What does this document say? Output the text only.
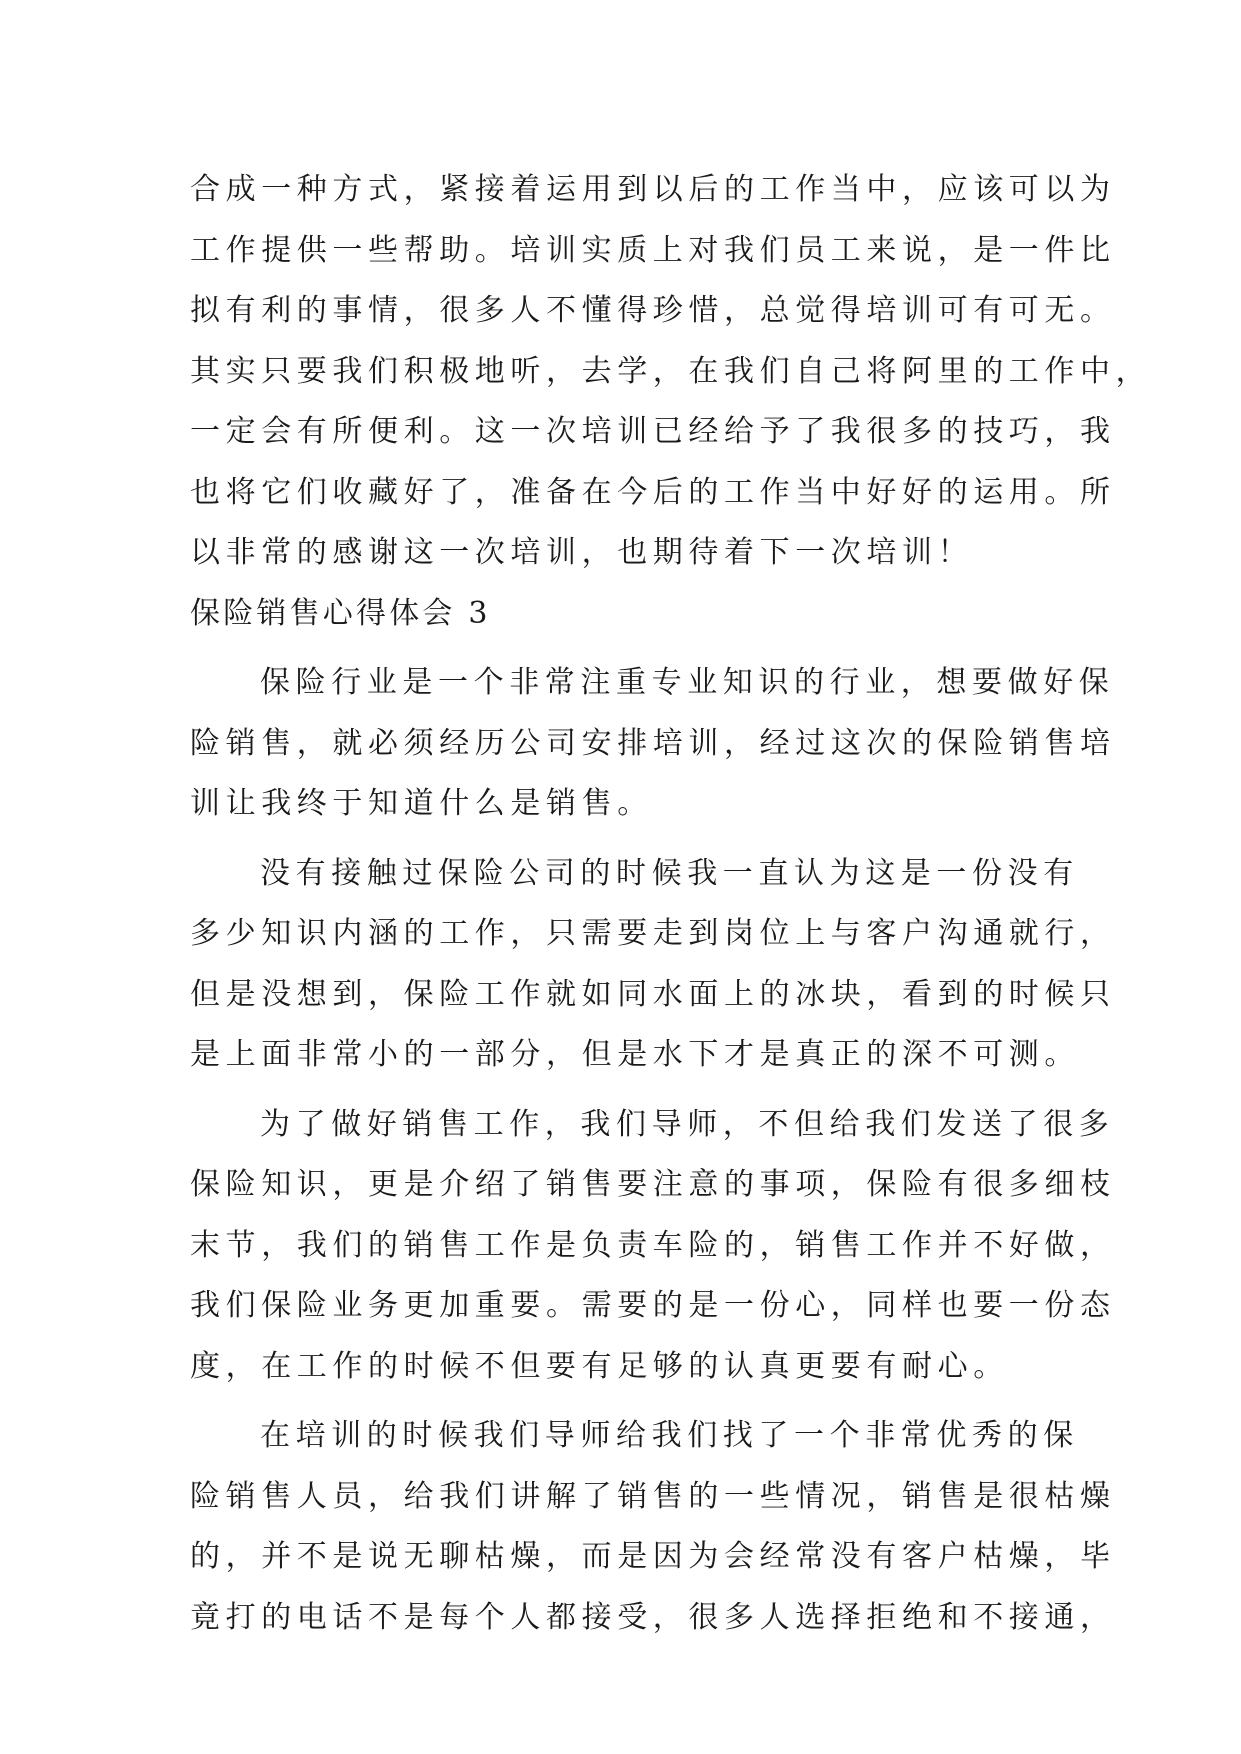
合成一种方式，紧接着运用到以后的工作当中，应该可以为
工作提供一些帮助。培训实质上对我们员工来说，是一件比
拟有利的事情，很多人不懂得珍惜，总觉得培训可有可无。
其实只要我们积极地听，去学，在我们自己将阿里的工作中，
一定会有所便利。这一次培训已经给予了我很多的技巧，我
也将它们收藏好了，准备在今后的工作当中好好的运用。所
以非常的感谢这一次培训，也期待着下一次培训！
保险销售心得体会 3
保险行业是一个非常注重专业知识的行业，想要做好保
险销售，就必须经历公司安排培训，经过这次的保险销售培
训让我终于知道什么是销售。
没有接触过保险公司的时候我一直认为这是一份没有
多少知识内涵的工作，只需要走到岗位上与客户沟通就行，
但是没想到，保险工作就如同水面上的冰块，看到的时候只
是上面非常小的一部分，但是水下才是真正的深不可测。
为了做好销售工作，我们导师，不但给我们发送了很多
保险知识，更是介绍了销售要注意的事项，保险有很多细枝
末节，我们的销售工作是负责车险的，销售工作并不好做，
我们保险业务更加重要。需要的是一份心，同样也要一份态
度，在工作的时候不但要有足够的认真更要有耐心。
在培训的时候我们导师给我们找了一个非常优秀的保
险销售人员，给我们讲解了销售的一些情况，销售是很枯燥
的，并不是说无聊枯燥，而是因为会经常没有客户枯燥，毕
竟打的电话不是每个人都接受，很多人选择拒绝和不接通，
